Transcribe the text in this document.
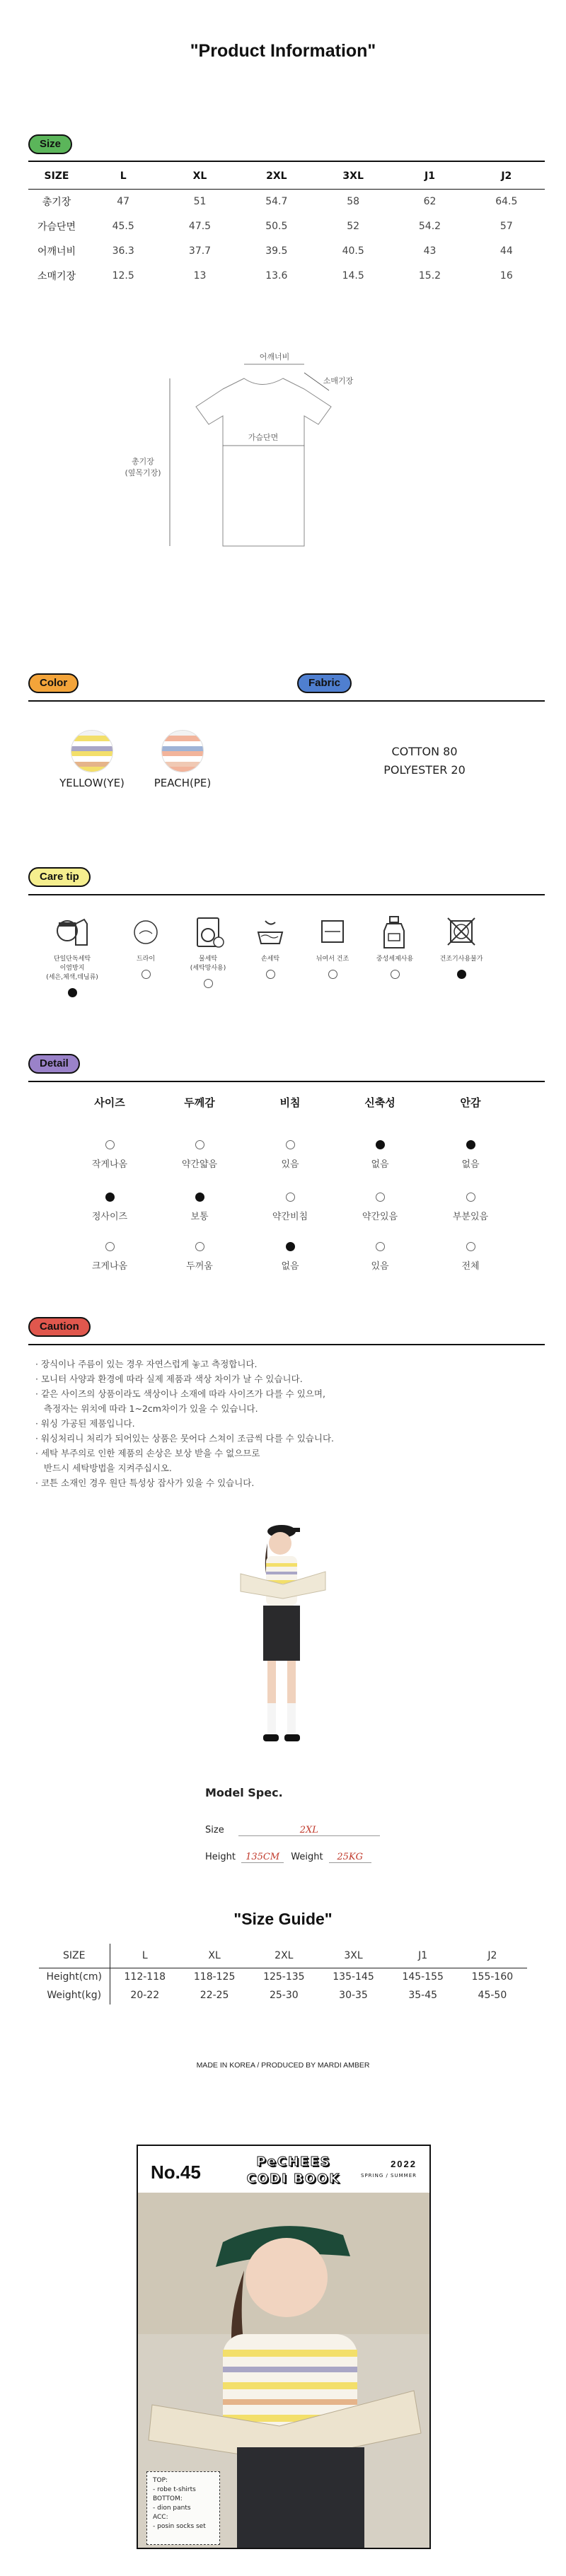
"Product Information"
Size
SIZE	L	XL	2XL	3XL	J1	J2
총기장	47	51	54.7	58	62	64.5
가슴단면	45.5	47.5	50.5	52	54.2	57
어깨너비	36.3	37.7	39.5	40.5	43	44
소매기장	12.5	13	13.6	14.5	15.2	16
어깨너비
소매기장
가슴단면
총기장
(옆목기장)
Color	Fabric
YELLOW(YE)	PEACH(PE)
COTTON 80
POLYESTER 20
Care tip
단일단독세탁
이염방지
(세은,체색,데님류)
드라이	물세탁
(세탁망사용)
손세탁	뉘여서 건조	중성세제사용	건조기사용불가
Detail
사이즈	두께감	비침	신축성	안감
작게나옴	약간얇음	있음	없음	없음
정사이즈	보통	약간비침	약간있음	부분있음
크게나옴	두꺼움	없음	있음	전체
Caution
· 장식이나 주름이 있는 경우 자연스럽게 놓고 측정합니다.
· 모니터 사양과 환경에 따라 실제 제품과 색상 차이가 날 수 있습니다.
· 같은 사이즈의 상품이라도 색상이나 소재에 따라 사이즈가 다를 수 있으며,
측정자는 위치에 따라 1~2cm차이가 있을 수 있습니다.
· 워싱 가공된 제품입니다.
· 워싱처리니 처리가 되어있는 상품은 뭇어다 스쳐이 조금씩 다를 수 있습니다.
· 세탁 부주의로 인한 제품의 손상은 보상 받을 수 없으므로
반드시 세탁방법을 지켜주십시오.
· 코튼 소재인 경우 원단 특성상 잡사가 있을 수 있습니다.
Model Spec.
Size	2XL
Height 135CM Weight 25KG
"Size Guide"
SIZE	L	XL	2XL	3XL	J1	J2
Height(cm)	112-118	118-125	125-135	135-145	145-155	155-160
Weight(kg)	20-22	22-25	25-30	30-35	35-45	45-50
MADE IN KOREA / PRODUCED BY MARDI AMBER
No.45	PeCHEES
CODI BOOK
2022
SPRING / SUMMER
TOP:
- robe t-shirts
BOTTOM:
- dion pants
ACC:
- posin socks set
